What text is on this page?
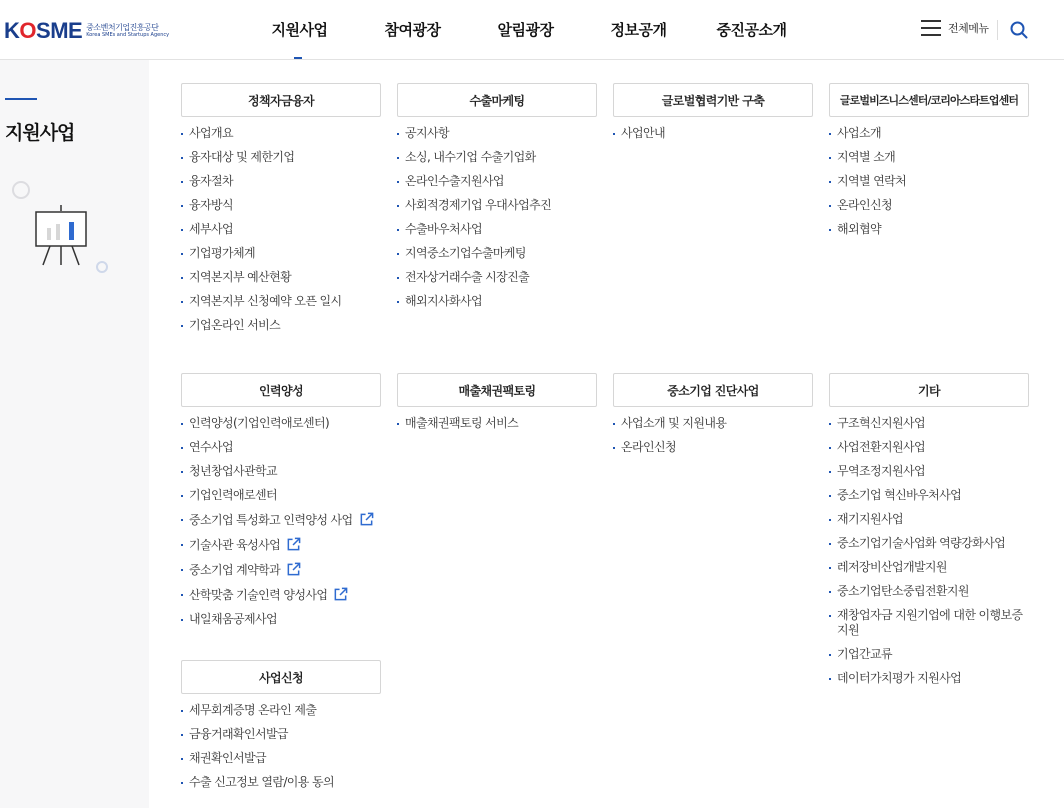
KOSME 중소벤처기업진흥공단
Korea SMEs and Startups Agency	지원사업	참여광장	알림광장	정보공개	중진공소개	전체메뉴
지원사업
정책자금융자
사업개요
융자대상 및 제한기업
융자절차
융자방식
세부사업
기업평가체계
지역본지부 예산현황
지역본지부 신청예약 오픈 일시
기업온라인 서비스
수출마케팅
공지사항
소싱, 내수기업 수출기업화
온라인수출지원사업
사회적경제기업 우대사업추진
수출바우처사업
지역중소기업수출마케팅
전자상거래수출 시장진출
해외지사화사업
글로벌협력기반 구축
사업안내
글로벌비즈니스센터/코리아스타트업센터
사업소개
지역별 소개
지역별 연락처
온라인신청
해외협약
인력양성
인력양성(기업인력애로센터)
연수사업
청년창업사관학교
기업인력애로센터
중소기업 특성화고 인력양성 사업
기술사관 육성사업
중소기업 계약학과
산학맞춤 기술인력 양성사업
내일채움공제사업
매출채권팩토링
매출채권팩토링 서비스
중소기업 진단사업
사업소개 및 지원내용
온라인신청
기타
구조혁신지원사업
사업전환지원사업
무역조정지원사업
중소기업 혁신바우처사업
재기지원사업
중소기업기술사업화 역량강화사업
레저장비산업개발지원
중소기업탄소중립전환지원
재창업자금 지원기업에 대한 이행보증지원
기업간교류
데이터가치평가 지원사업
사업신청
세무회계증명 온라인 제출
금융거래확인서발급
채권확인서발급
수출 신고정보 열람/이용 동의
